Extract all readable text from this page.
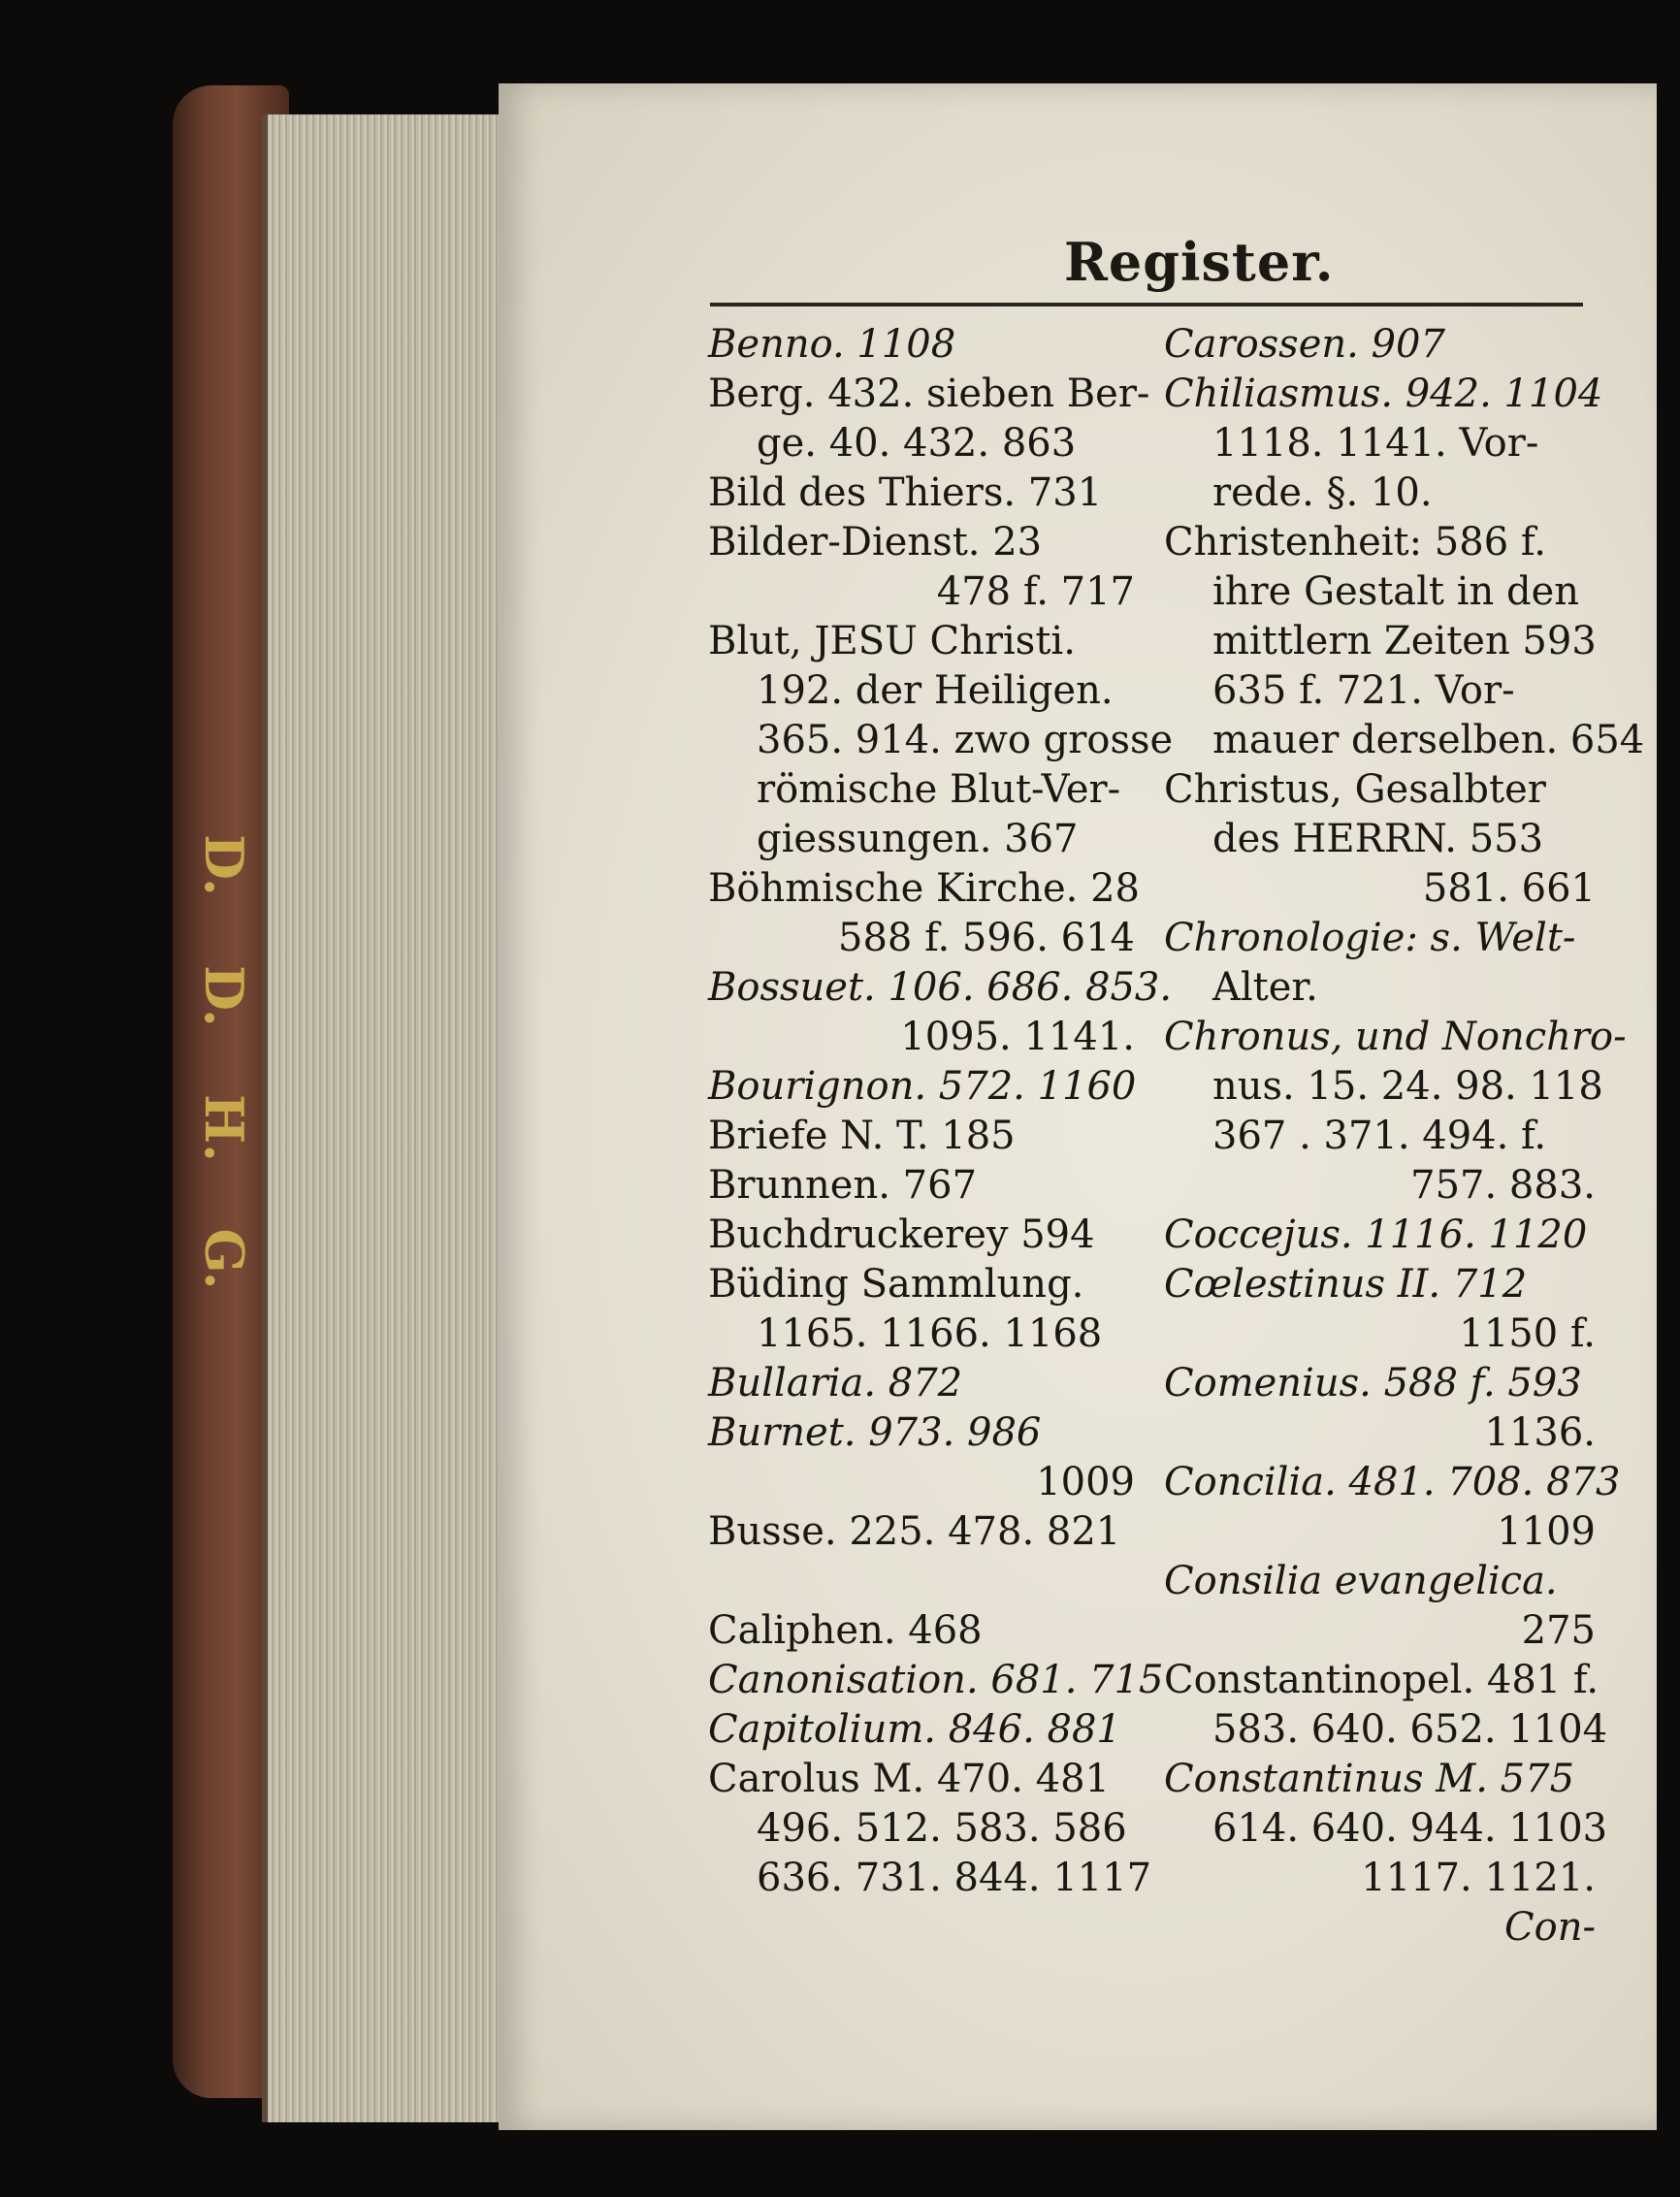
D.
D.
H.
G.
Register.
Benno. 1108
Berg. 432. sieben Ber-
ge. 40. 432. 863
Bild des Thiers. 731
Bilder-Dienst. 23
478 f. 717
Blut, JESU Christi.
192. der Heiligen.
365. 914. zwo grosse
römische Blut-Ver-
giessungen. 367
Böhmische Kirche. 28
588 f. 596. 614
Bossuet. 106. 686. 853.
1095. 1141.
Bourignon. 572. 1160
Briefe N. T. 185
Brunnen. 767
Buchdruckerey 594
Büding Sammlung.
1165. 1166. 1168
Bullaria. 872
Burnet. 973. 986
1009
Busse. 225. 478. 821
Caliphen. 468
Canonisation. 681. 715
Capitolium. 846. 881
Carolus M. 470. 481
496. 512. 583. 586
636. 731. 844. 1117
Carossen. 907
Chiliasmus. 942. 1104
1118. 1141. Vor-
rede. §. 10.
Christenheit: 586 f.
ihre Gestalt in den
mittlern Zeiten 593
635 f. 721. Vor-
mauer derselben. 654
Christus, Gesalbter
des HERRN. 553
581. 661
Chronologie: s. Welt-
Alter.
Chronus, und Nonchro-
nus. 15. 24. 98. 118
367 . 371. 494. f.
757. 883.
Coccejus. 1116. 1120
Cœlestinus II. 712
1150 f.
Comenius. 588 f. 593
1136.
Concilia. 481. 708. 873
1109
Consilia evangelica.
275
Constantinopel. 481 f.
583. 640. 652. 1104
Constantinus M. 575
614. 640. 944. 1103
1117. 1121.
Con-
